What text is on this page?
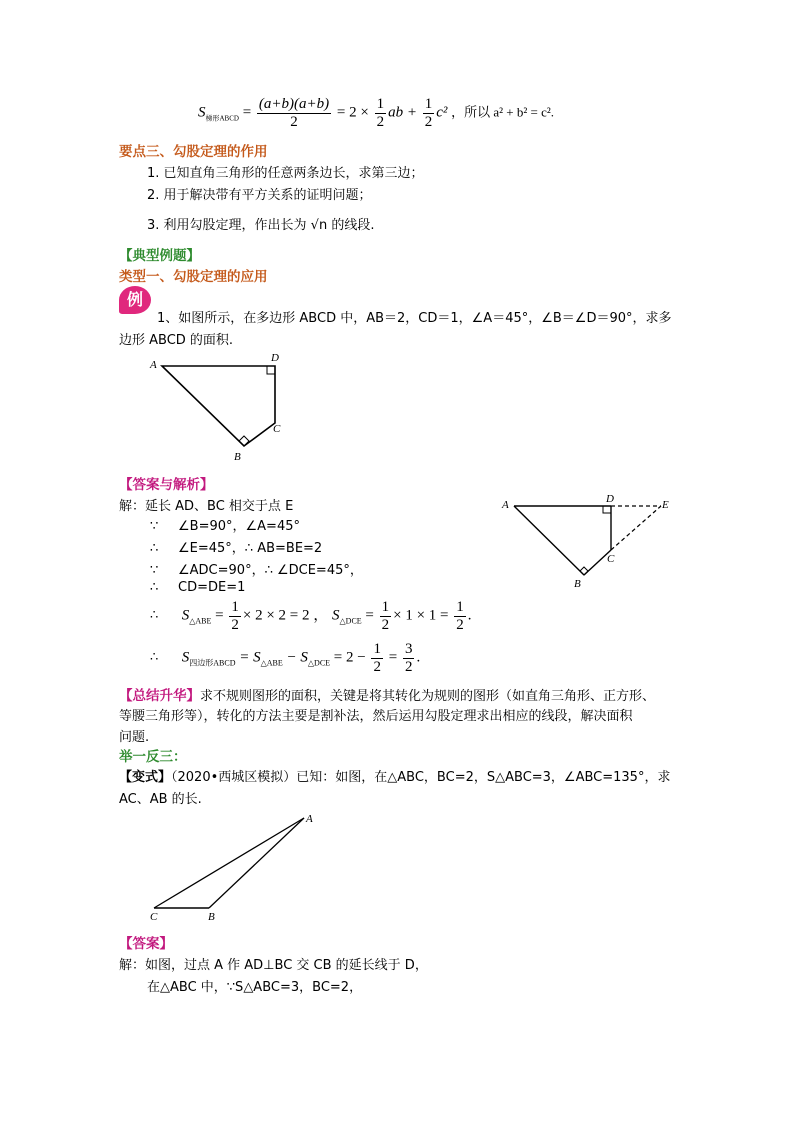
$S_{梯形ABCD} = \frac{(a+b)(a+b)}{2} = 2 \times \frac{1}{2}$ ab + $\frac{1}{2} c^2$ ，所以 a² + b² = c².
要点三、勾股定理的作用
1. 已知直角三角形的任意两条边长，求第三边；
2. 用于解决带有平方关系的证明问题；
3. 利用勾股定理，作出长为 √n 的线段.
【典型例题】
类型一、勾股定理的应用
例
1、如图所示，在多边形 ABCD 中，AB＝2，CD＝1，∠A＝45°，∠B＝∠D＝90°，求多
边形 ABCD 的面积.
A
D
C
B
【答案与解析】
解：延长 AD、BC 相交于点 E
∵ ∠B=90°，∠A=45°
∴ ∠E=45°，∴ AB=BE=2
∵ ∠ADC=90°，∴ ∠DCE=45°，
∴ CD=DE=1
∴ $S_{\triangle ABE} = \frac{1}{2} \times 2 \times 2 = 2$ ， $S_{\triangle DCE} = \frac{1}{2} \times 1 \times 1 = \frac{1}{2}$ .
∴ $S_{四边形ABCD} = S_{\triangle ABE} - S_{\triangle DCE} = 2 - \frac{1}{2} = \frac{3}{2}$ .
A	D	E
C
B
【总结升华】求不规则图形的面积，关键是将其转化为规则的图形（如直角三角形、正方形、
等腰三角形等），转化的方法主要是割补法，然后运用勾股定理求出相应的线段，解决面积
问题.
举一反三：
【变式】（2020•西城区模拟）已知：如图，在△ABC，BC=2，S△ABC=3，∠ABC=135°，求
AC、AB 的长.
A
C	B
【答案】
解：如图，过点 A 作 AD⊥BC 交 CB 的延长线于 D，
在△ABC 中，∵S△ABC=3，BC=2，
